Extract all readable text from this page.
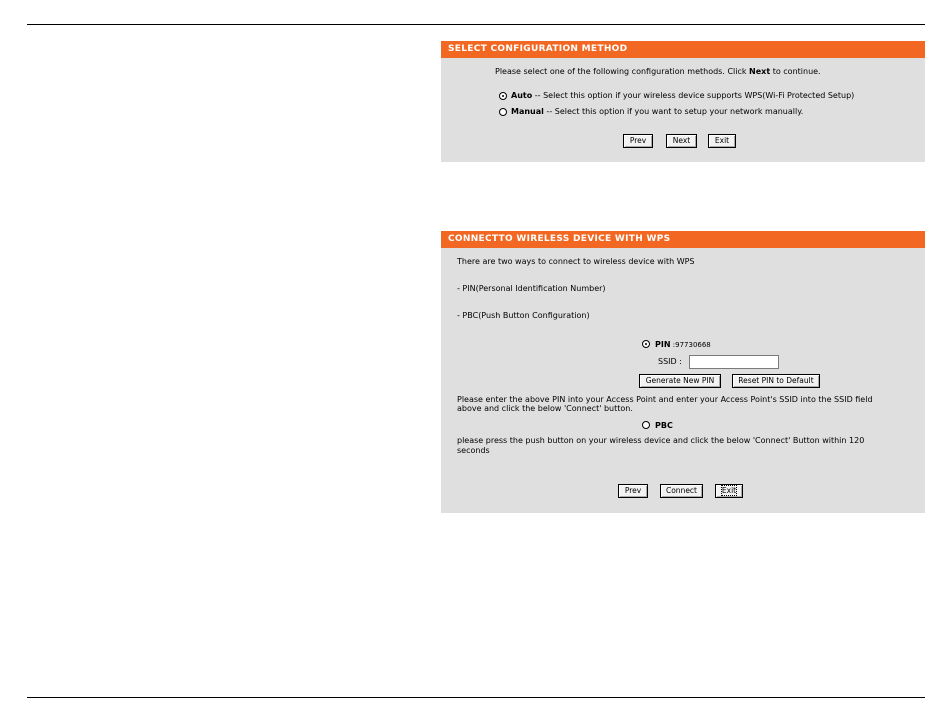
SELECT CONFIGURATION METHOD
Please select one of the following configuration methods. Click Next to continue.
Auto -- Select this option if your wireless device supports WPS(Wi-Fi Protected Setup)
Manual -- Select this option if you want to setup your network manually.
Prev	Next	Exit
CONNECTTO WIRELESS DEVICE WITH WPS
There are two ways to connect to wireless device with WPS
- PIN(Personal Identification Number)
- PBC(Push Button Configuration)
PIN :97730668
SSID :
Generate New PIN	Reset PIN to Default
Please enter the above PIN into your Access Point and enter your Access Point's SSID into the SSID field
above and click the below 'Connect' button.
PBC
please press the push button on your wireless device and click the below 'Connect' Button within 120
seconds
Prev	Connect	Exit
